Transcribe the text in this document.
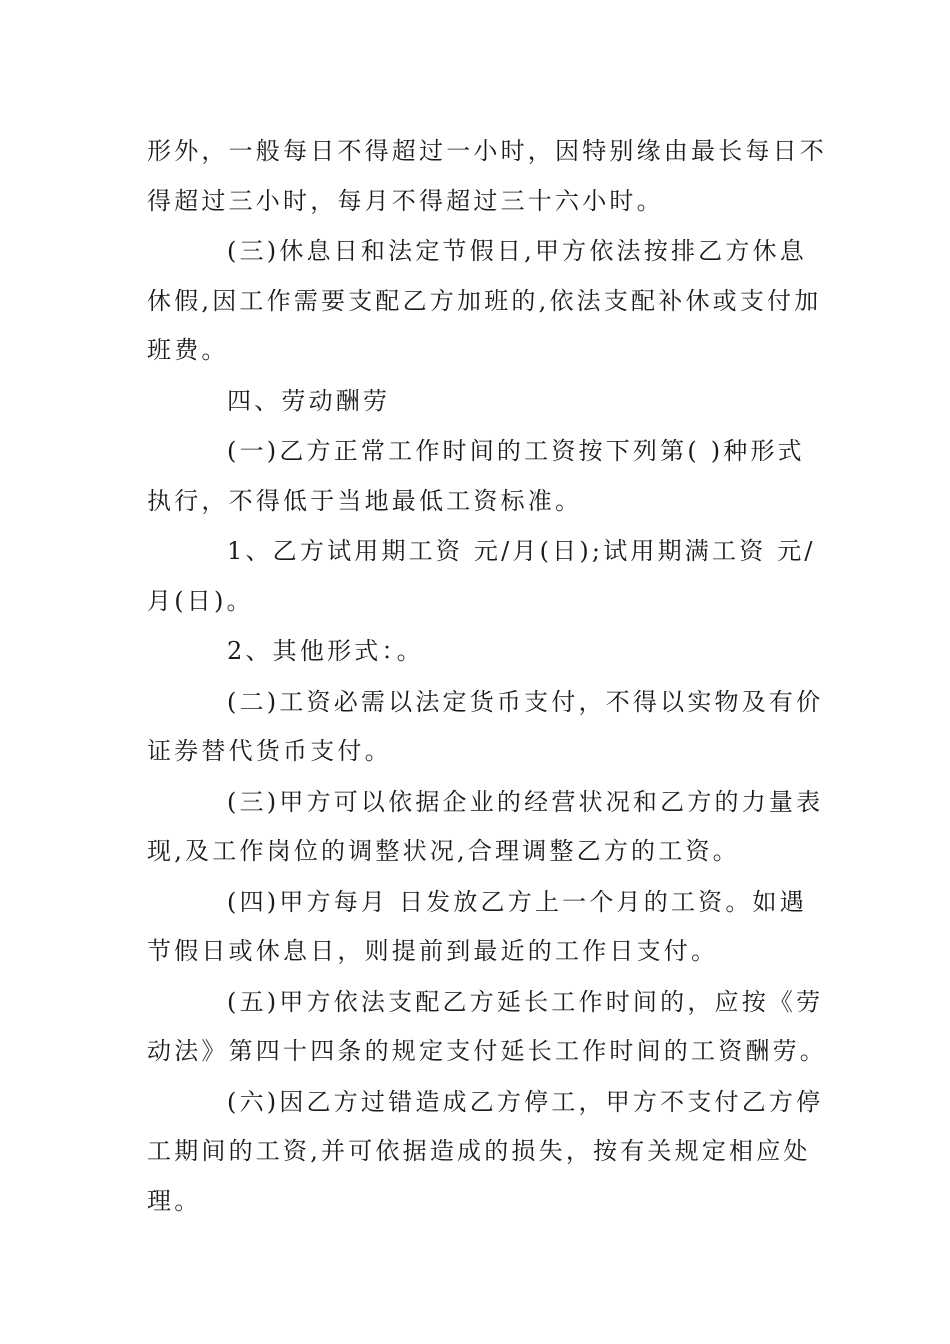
形外，一般每日不得超过一小时，因特别缘由最长每日不得超过三小时，每月不得超过三十六小时。

(三)休息日和法定节假日,甲方依法按排乙方休息休假,因工作需要支配乙方加班的,依法支配补休或支付加班费。

四、劳动酬劳

(一)乙方正常工作时间的工资按下列第( )种形式执行，不得低于当地最低工资标准。

1、乙方试用期工资 元/月(日);试用期满工资 元/月(日)。

2、其他形式：。

(二)工资必需以法定货币支付，不得以实物及有价证券替代货币支付。

(三)甲方可以依据企业的经营状况和乙方的力量表现,及工作岗位的调整状况,合理调整乙方的工资。

(四)甲方每月 日发放乙方上一个月的工资。如遇节假日或休息日，则提前到最近的工作日支付。

(五)甲方依法支配乙方延长工作时间的，应按《劳动法》第四十四条的规定支付延长工作时间的工资酬劳。

(六)因乙方过错造成乙方停工，甲方不支付乙方停工期间的工资,并可依据造成的损失，按有关规定相应处理。
